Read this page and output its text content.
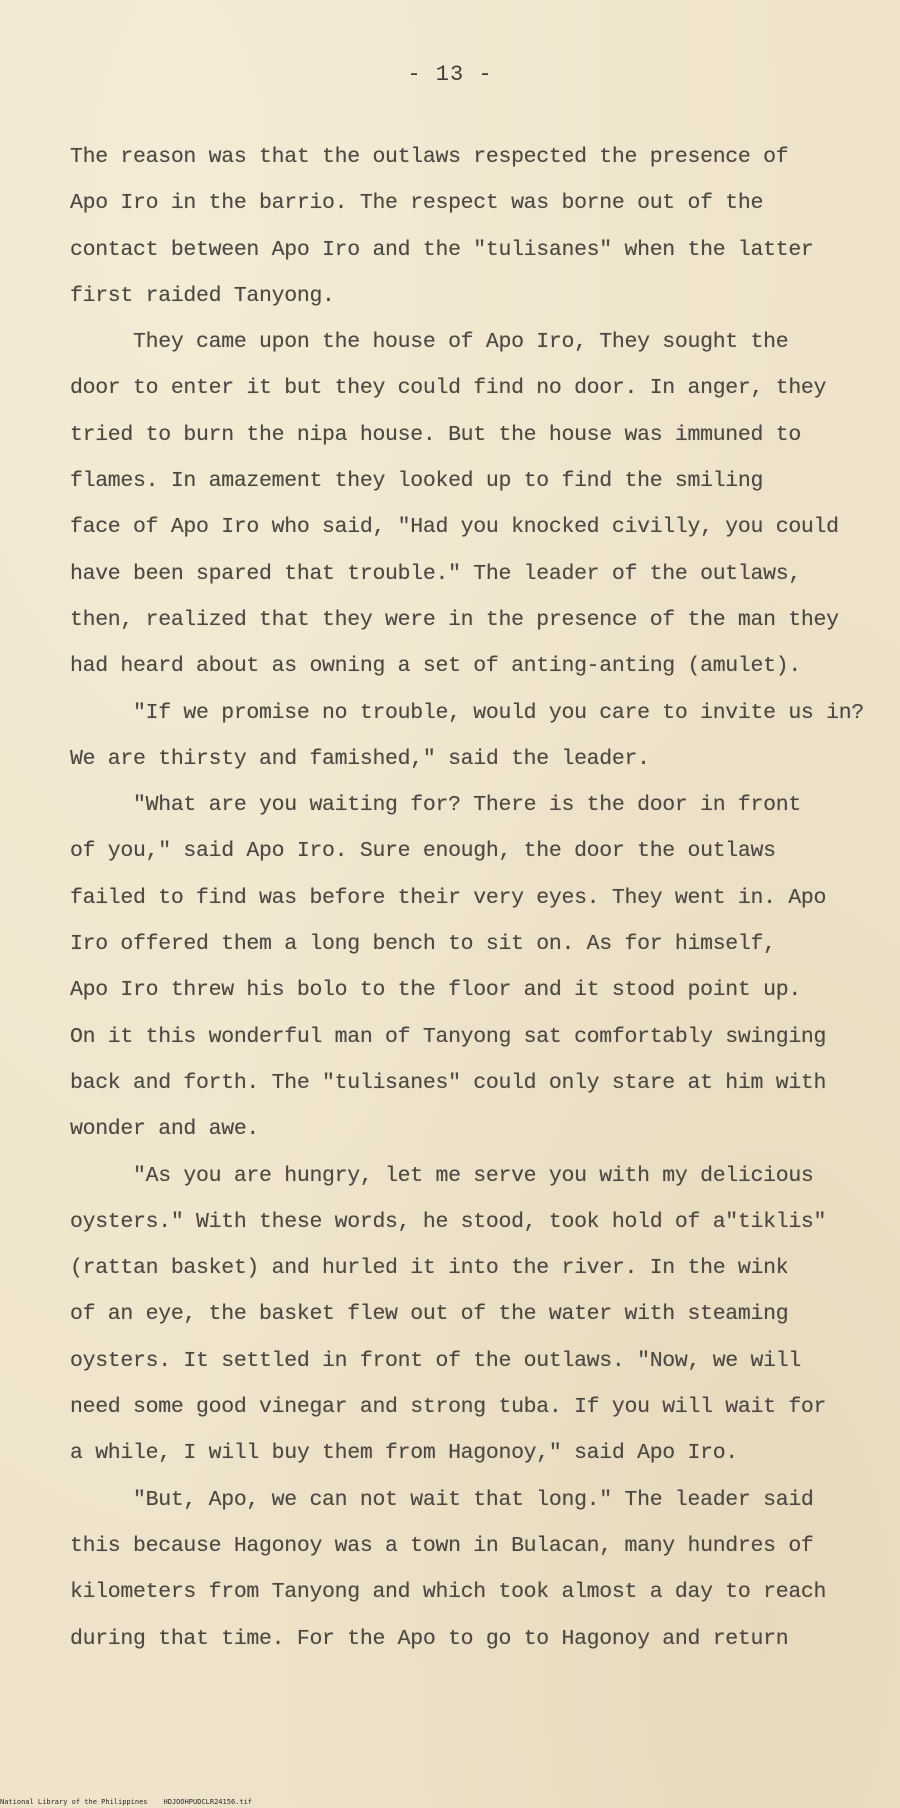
- 13 -
The reason was that the outlaws respected the presence of
Apo Iro in the barrio. The respect was borne out of the
contact between Apo Iro and the "tulisanes" when the latter
first raided Tanyong.
They came upon the house of Apo Iro, They sought the
door to enter it but they could find no door. In anger, they
tried to burn the nipa house. But the house was immuned to
flames. In amazement they looked up to find the smiling
face of Apo Iro who said, "Had you knocked civilly, you could
have been spared that trouble." The leader of the outlaws,
then, realized that they were in the presence of the man they
had heard about as owning a set of anting-anting (amulet).
"If we promise no trouble, would you care to invite us in?
We are thirsty and famished," said the leader.
"What are you waiting for? There is the door in front
of you," said Apo Iro. Sure enough, the door the outlaws
failed to find was before their very eyes. They went in. Apo
Iro offered them a long bench to sit on. As for himself,
Apo Iro threw his bolo to the floor and it stood point up.
On it this wonderful man of Tanyong sat comfortably swinging
back and forth. The "tulisanes" could only stare at him with
wonder and awe.
"As you are hungry, let me serve you with my delicious
oysters." With these words, he stood, took hold of a"tiklis"
(rattan basket) and hurled it into the river. In the wink
of an eye, the basket flew out of the water with steaming
oysters. It settled in front of the outlaws. "Now, we will
need some good vinegar and strong tuba. If you will wait for
a while, I will buy them from Hagonoy," said Apo Iro.
"But, Apo, we can not wait that long." The leader said
this because Hagonoy was a town in Bulacan, many hundres of
kilometers from Tanyong and which took almost a day to reach
during that time. For the Apo to go to Hagonoy and return
National Library of the Philippines HDJOOHPUDCLR24156.tif
